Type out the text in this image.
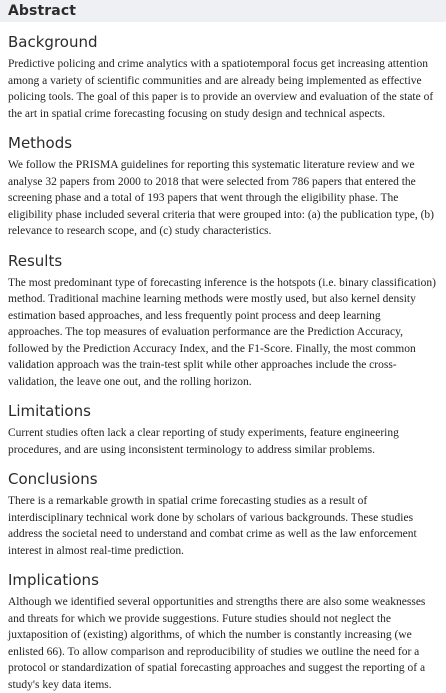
Abstract
Background

Predictive policing and crime analytics with a spatiotemporal focus get increasing attention among a variety of scientific communities and are already being implemented as effective policing tools. The goal of this paper is to provide an overview and evaluation of the state of the art in spatial crime forecasting focusing on study design and technical aspects.

Methods

We follow the PRISMA guidelines for reporting this systematic literature review and we analyse 32 papers from 2000 to 2018 that were selected from 786 papers that entered the screening phase and a total of 193 papers that went through the eligibility phase. The eligibility phase included several criteria that were grouped into: (a) the publication type, (b) relevance to research scope, and (c) study characteristics.

Results

The most predominant type of forecasting inference is the hotspots (i.e. binary classification) method. Traditional machine learning methods were mostly used, but also kernel density estimation based approaches, and less frequently point process and deep learning approaches. The top measures of evaluation performance are the Prediction Accuracy, followed by the Prediction Accuracy Index, and the F1-Score. Finally, the most common validation approach was the train-test split while other approaches include the cross-validation, the leave one out, and the rolling horizon.

Limitations

Current studies often lack a clear reporting of study experiments, feature engineering procedures, and are using inconsistent terminology to address similar problems.

Conclusions

There is a remarkable growth in spatial crime forecasting studies as a result of interdisciplinary technical work done by scholars of various backgrounds. These studies address the societal need to understand and combat crime as well as the law enforcement interest in almost real-time prediction.

Implications

Although we identified several opportunities and strengths there are also some weaknesses and threats for which we provide suggestions. Future studies should not neglect the juxtaposition of (existing) algorithms, of which the number is constantly increasing (we enlisted 66). To allow comparison and reproducibility of studies we outline the need for a protocol or standardization of spatial forecasting approaches and suggest the reporting of a study's key data items.
